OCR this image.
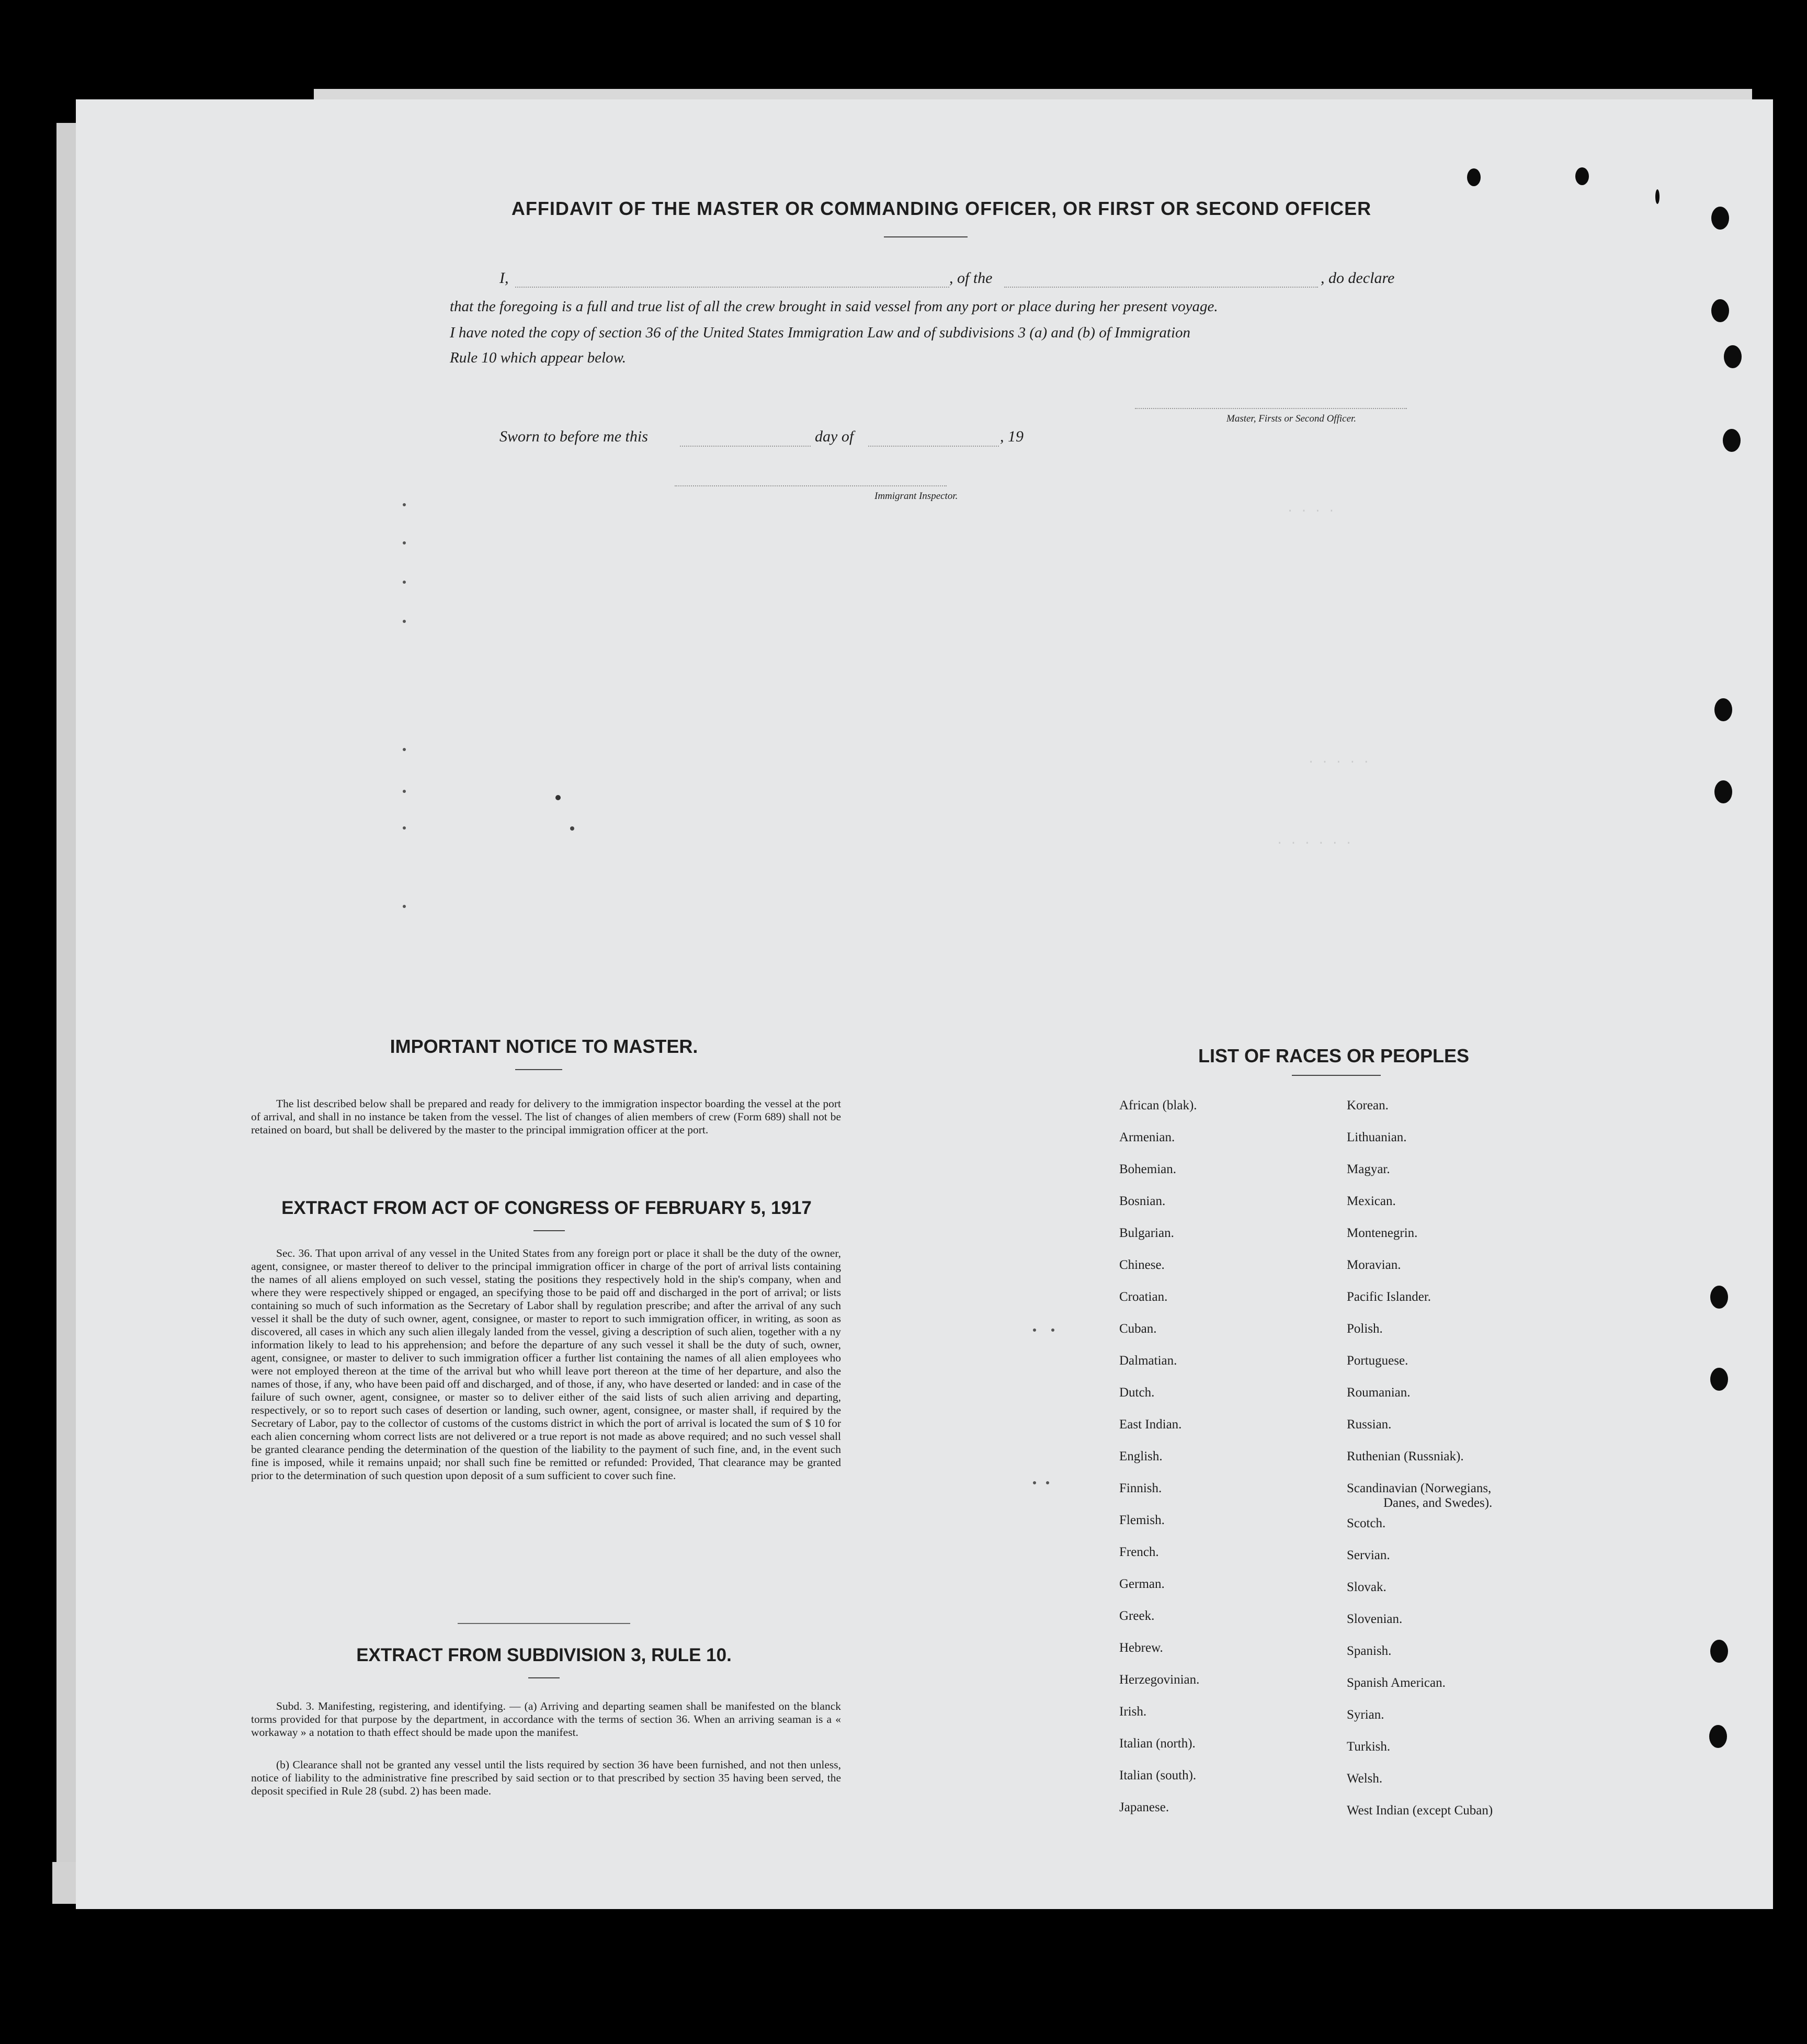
. . . .
. . . . .
. . . . . .
AFFIDAVIT OF THE MASTER OR COMMANDING OFFICER, OR FIRST OR SECOND OFFICER
I,	, of the	, do declare
that the foregoing is a full and true list of all the crew brought in said vessel from any port or place during her present voyage.
I have noted the copy of section 36 of the United States Immigration Law and of subdivisions 3 (a) and (b) of Immigration
Rule 10 which appear below.
Master, Firsts or Second Officer.
Sworn to before me this	day of	, 19
Immigrant Inspector.
IMPORTANT NOTICE TO MASTER.
The list described below shall be prepared and ready for delivery to the immigration inspector boarding the vessel at the port of arrival, and shall in no instance be taken from the vessel. The list of changes of alien members of crew (Form 689) shall not be retained on board, but shall be delivered by the master to the principal immigration officer at the port.
EXTRACT FROM ACT OF CONGRESS OF FEBRUARY 5, 1917
Sec. 36. That upon arrival of any vessel in the United States from any foreign port or place it shall be the duty of the owner, agent, consignee, or master thereof to deliver to the principal immigration officer in charge of the port of arrival lists containing the names of all aliens employed on such vessel, stating the positions they respectively hold in the ship's company, when and where they were respectively shipped or engaged, an specifying those to be paid off and discharged in the port of arrival; or lists containing so much of such information as the Secretary of Labor shall by regulation prescribe; and after the arrival of any such vessel it shall be the duty of such owner, agent, consignee, or master to report to such immigration officer, in writing, as soon as discovered, all cases in which any such alien illegaly landed from the vessel, giving a description of such alien, together with a ny information likely to lead to his apprehension; and before the departure of any such vessel it shall be the duty of such, owner, agent, consignee, or master to deliver to such immigration officer a further list containing the names of all alien employees who were not employed thereon at the time of the arrival but who whill leave port thereon at the time of her departure, and also the names of those, if any, who have been paid off and discharged, and of those, if any, who have deserted or landed: and in case of the failure of such owner, agent, consignee, or master so to deliver either of the said lists of such alien arriving and departing, respectively, or so to report such cases of desertion or landing, such owner, agent, consignee, or master shall, if required by the Secretary of Labor, pay to the collector of customs of the customs district in which the port of arrival is located the sum of $ 10 for each alien concerning whom correct lists are not delivered or a true report is not made as above required; and no such vessel shall be granted clearance pending the determination of the question of the liability to the payment of such fine, and, in the event such fine is imposed, while it remains unpaid; nor shall such fine be remitted or refunded: Provided, That clearance may be granted prior to the determination of such question upon deposit of a sum sufficient to cover such fine.
EXTRACT FROM SUBDIVISION 3, RULE 10.
Subd. 3. Manifesting, registering, and identifying. — (a) Arriving and departing seamen shall be manifested on the blanck torms provided for that purpose by the department, in accordance with the terms of section 36. When an arriving seaman is a « workaway » a notation to thath effect should be made upon the manifest.
(b) Clearance shall not be granted any vessel until the lists required by section 36 have been furnished, and not then unless, notice of liability to the administrative fine prescribed by said section or to that prescribed by section 35 having been served, the deposit specified in Rule 28 (subd. 2) has been made.
LIST OF RACES OR PEOPLES
African (blak).
Armenian.
Bohemian.
Bosnian.
Bulgarian.
Chinese.
Croatian.
Cuban.
Dalmatian.
Dutch.
East Indian.
English.
Finnish.
Flemish.
French.
German.
Greek.
Hebrew.
Herzegovinian.
Irish.
Italian (north).
Italian (south).
Japanese.
Korean.
Lithuanian.
Magyar.
Mexican.
Montenegrin.
Moravian.
Pacific Islander.
Polish.
Portuguese.
Roumanian.
Russian.
Ruthenian (Russniak).
Scandinavian (Norwegians,
Danes, and Swedes).
Scotch.
Servian.
Slovak.
Slovenian.
Spanish.
Spanish American.
Syrian.
Turkish.
Welsh.
West Indian (except Cuban)
